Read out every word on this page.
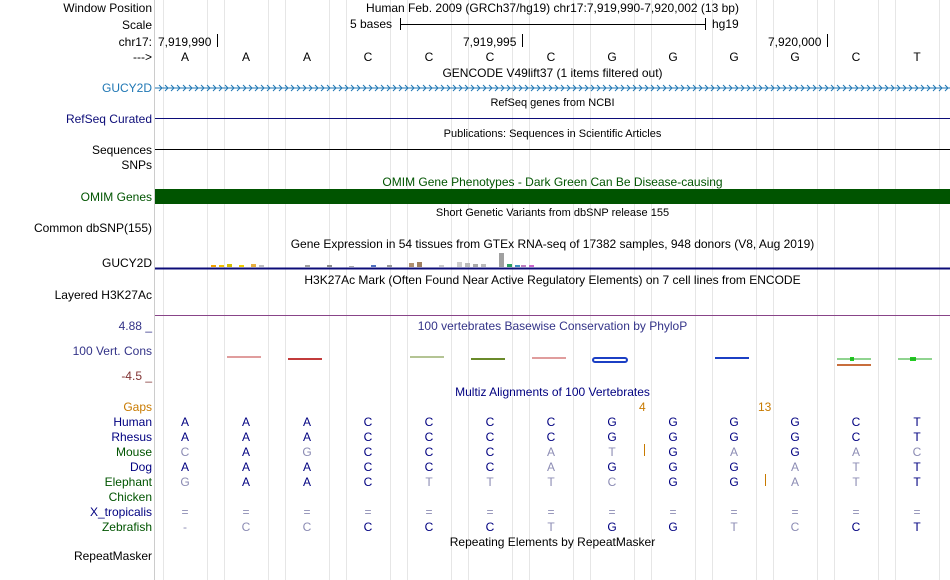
Window Position	Human Feb. 2009 (GRCh37/hg19) chr17:7,919,990-7,920,002 (13 bp)
Scale	5 bases	hg19
chr17: 7,919,990	7,919,995	7,920,000
--->	A	A	A	C	C	C	C	G	G	G	G	C	T
GENCODE V49lift37 (1 items filtered out)
GUCY2D
RefSeq genes from NCBI
RefSeq Curated
Publications: Sequences in Scientific Articles
Sequences
SNPs
OMIM Gene Phenotypes - Dark Green Can Be Disease-causing
OMIM Genes
Short Genetic Variants from dbSNP release 155
Common dbSNP(155)
Gene Expression in 54 tissues from GTEx RNA-seq of 17382 samples, 948 donors (V8, Aug 2019)
GUCY2D
H3K27Ac Mark (Often Found Near Active Regulatory Elements) on 7 cell lines from ENCODE
Layered H3K27Ac
100 vertebrates Basewise Conservation by PhyloP
4.88 _
100 Vert. Cons
-4.5 _
Multiz Alignments of 100 Vertebrates
Gaps	4	13
Human	A	A	A	C	C	C	C	G	G	G	G	C	T
Rhesus	A	A	A	C	C	C	C	G	G	G	G	C	T
Mouse	C	A	G	C	C	C	A	T	G	A	G	A	C
Dog	A	A	A	C	C	C	A	G	G	G	A	T	T
Elephant	G	A	A	C	T	T	T	C	G	G	A	T	T
Chicken
X_tropicalis	=	=	=	=	=	=	=	=	=	=	=	=	=
Zebrafish	-	C	C	C	C	C	T	G	G	T	C	C	T
Repeating Elements by RepeatMasker
RepeatMasker
